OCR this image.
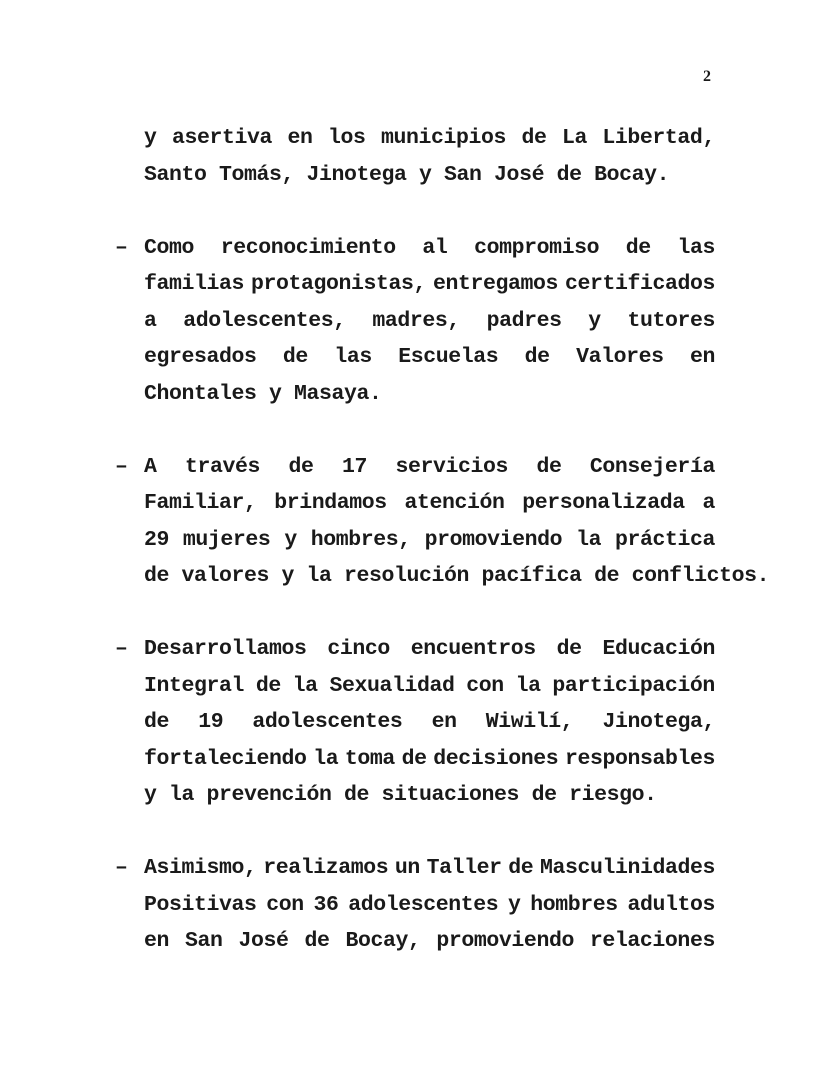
2
y asertiva en los municipios de La Libertad,
Santo Tomás, Jinotega y San José de Bocay.
– Como reconocimiento al compromiso de las
familias protagonistas, entregamos certificados
a adolescentes, madres, padres y tutores
egresados de las Escuelas de Valores en
Chontales y Masaya.
– A través de 17 servicios de Consejería
Familiar, brindamos atención personalizada a
29 mujeres y hombres, promoviendo la práctica
de valores y la resolución pacífica de conflictos.
– Desarrollamos cinco encuentros de Educación
Integral de la Sexualidad con la participación
de 19 adolescentes en Wiwilí, Jinotega,
fortaleciendo la toma de decisiones responsables
y la prevención de situaciones de riesgo.
– Asimismo, realizamos un Taller de Masculinidades
Positivas con 36 adolescentes y hombres adultos
en San José de Bocay, promoviendo relaciones
